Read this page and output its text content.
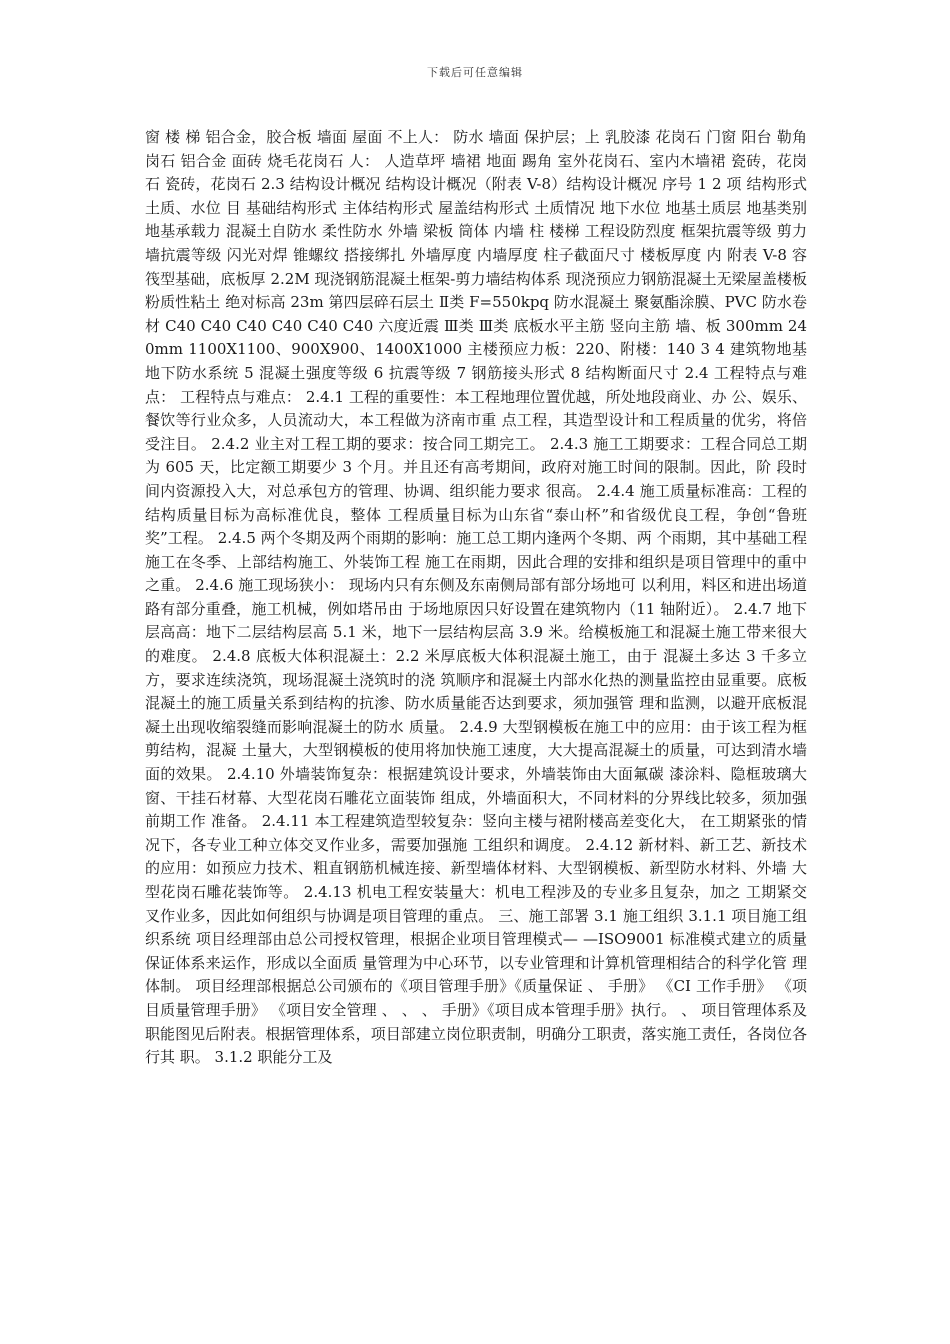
下载后可任意编辑
窗 楼 梯 铝合金，胶合板 墙面 屋面 不上人： 防水 墙面 保护层；上 乳胶漆 花岗石 门窗 阳台 勒角 岗石 铝合金 面砖 烧毛花岗石 人： 人造草坪 墙裙 地面 踢角 室外花岗石、室内木墙裙 瓷砖，花岗石 瓷砖，花岗石 2.3 结构设计概况 结构设计概况（附表 V-8）结构设计概况 序号 1 2 项 结构形式 土质、水位 目 基础结构形式 主体结构形式 屋盖结构形式 土质情况 地下水位 地基土质层 地基类别 地基承载力 混凝土自防水 柔性防水 外墙 梁板 筒体 内墙 柱 楼梯 工程设防烈度 框架抗震等级 剪力墙抗震等级 闪光对焊 锥螺纹 搭接绑扎 外墙厚度 内墙厚度 柱子截面尺寸 楼板厚度 内 附表 V-8 容 筏型基础，底板厚 2.2M 现浇钢筋混凝土框架-剪力墙结构体系 现浇预应力钢筋混凝土无梁屋盖楼板 粉质性粘土 绝对标高 23m 第四层碎石层土 Ⅱ类 F=550kpq 防水混凝土 聚氨酯涂膜、PVC 防水卷材 C40 C40 C40 C40 C40 C40 六度近震 Ⅲ类 Ⅲ类 底板水平主筋 竖向主筋 墙、板 300mm 240mm 1100X1100、900X900、1400X1000 主楼预应力板：220、附楼：140 3 4 建筑物地基 地下防水系统 5 混凝土强度等级 6 抗震等级 7 钢筋接头形式 8 结构断面尺寸 2.4 工程特点与难点： 工程特点与难点： 2.4.1 工程的重要性：本工程地理位置优越，所处地段商业、办 公、娱乐、餐饮等行业众多，人员流动大，本工程做为济南市重 点工程，其造型设计和工程质量的优劣，将倍受注目。 2.4.2 业主对工程工期的要求：按合同工期完工。 2.4.3 施工工期要求：工程合同总工期为 605 天，比定额工期要少 3 个月。并且还有高考期间，政府对施工时间的限制。因此，阶 段时间内资源投入大，对总承包方的管理、协调、组织能力要求 很高。 2.4.4 施工质量标准高：工程的结构质量目标为高标准优良，整体 工程质量目标为山东省“泰山杯”和省级优良工程，争创“鲁班 奖”工程。 2.4.5 两个冬期及两个雨期的影响：施工总工期内逢两个冬期、两 个雨期，其中基础工程施工在冬季、上部结构施工、外装饰工程 施工在雨期，因此合理的安排和组织是项目管理中的重中之重。 2.4.6 施工现场狭小： 现场内只有东侧及东南侧局部有部分场地可 以利用，料区和进出场道路有部分重叠，施工机械，例如塔吊由 于场地原因只好设置在建筑物内（11 轴附近）。 2.4.7 地下层高高：地下二层结构层高 5.1 米，地下一层结构层高 3.9 米。给模板施工和混凝土施工带来很大的难度。 2.4.8 底板大体积混凝土：2.2 米厚底板大体积混凝土施工，由于 混凝土多达 3 千多立方，要求连续浇筑，现场混凝土浇筑时的浇 筑顺序和混凝土内部水化热的测量监控由显重要。底板混凝土的施工质量关系到结构的抗渗、防水质量能否达到要求，须加强管 理和监测，以避开底板混凝土出现收缩裂缝而影响混凝土的防水 质量。 2.4.9 大型钢模板在施工中的应用：由于该工程为框剪结构，混凝 土量大，大型钢模板的使用将加快施工速度，大大提高混凝土的质量，可达到清水墙面的效果。 2.4.10 外墙装饰复杂：根据建筑设计要求，外墙装饰由大面氟碳 漆涂料、隐框玻璃大窗、干挂石材幕、大型花岗石雕花立面装饰 组成，外墙面积大，不同材料的分界线比较多，须加强前期工作 准备。 2.4.11 本工程建筑造型较复杂：竖向主楼与裙附楼高差变化大， 在工期紧张的情况下，各专业工种立体交叉作业多，需要加强施 工组织和调度。 2.4.12 新材料、新工艺、新技术的应用：如预应力技术、粗直钢筋机械连接、新型墙体材料、大型钢模板、新型防水材料、外墙 大型花岗石雕花装饰等。 2.4.13 机电工程安装量大：机电工程涉及的专业多且复杂，加之 工期紧交叉作业多，因此如何组织与协调是项目管理的重点。 三、施工部署 3.1 施工组织 3.1.1 项目施工组织系统 项目经理部由总公司授权管理，根据企业项目管理模式— —ISO9001 标准模式建立的质量保证体系来运作，形成以全面质 量管理为中心环节，以专业管理和计算机管理相结合的科学化管 理体制。 项目经理部根据总公司颁布的《项目管理手册》《质量保证 、 手册》 《CI 工作手册》 《项目质量管理手册》 《项目安全管理 、 、 、 手册》《项目成本管理手册》执行。 、 项目管理体系及职能图见后附表。根据管理体系，项目部建立岗位职责制，明确分工职责，落实施工责任，各岗位各行其 职。 3.1.2 职能分工及
